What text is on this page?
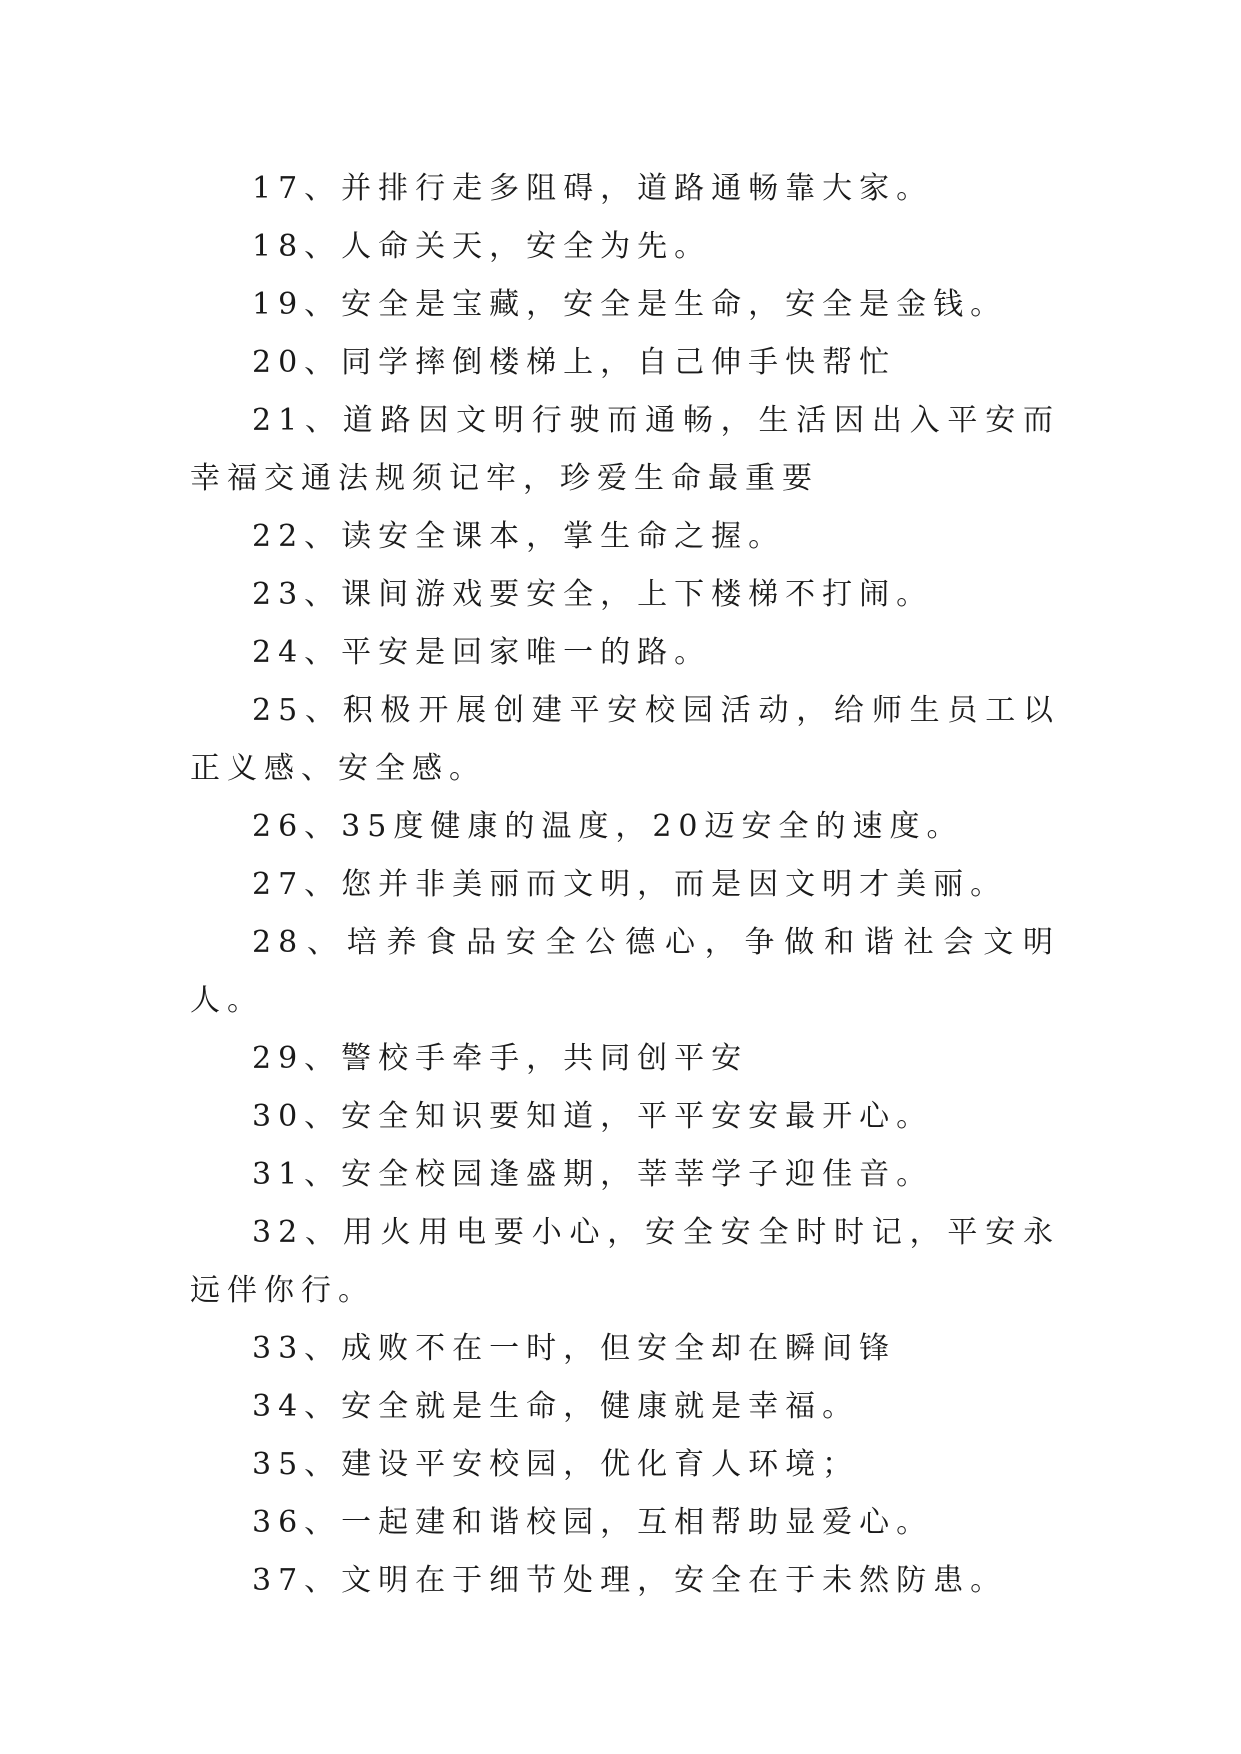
17、并排行走多阻碍，道路通畅靠大家。
18、人命关天，安全为先。
19、安全是宝藏，安全是生命，安全是金钱。
20、同学摔倒楼梯上，自己伸手快帮忙
21、道路因文明行驶而通畅，生活因出入平安而幸福交通法规须记牢，珍爱生命最重要
22、读安全课本，掌生命之握。
23、课间游戏要安全，上下楼梯不打闹。
24、平安是回家唯一的路。
25、积极开展创建平安校园活动，给师生员工以正义感、安全感。
26、35度健康的温度，20迈安全的速度。
27、您并非美丽而文明，而是因文明才美丽。
28、培养食品安全公德心，争做和谐社会文明人。
29、警校手牵手，共同创平安
30、安全知识要知道，平平安安最开心。
31、安全校园逢盛期，莘莘学子迎佳音。
32、用火用电要小心，安全安全时时记，平安永远伴你行。
33、成败不在一时，但安全却在瞬间锋
34、安全就是生命，健康就是幸福。
35、建设平安校园，优化育人环境；
36、一起建和谐校园，互相帮助显爱心。
37、文明在于细节处理，安全在于未然防患。
